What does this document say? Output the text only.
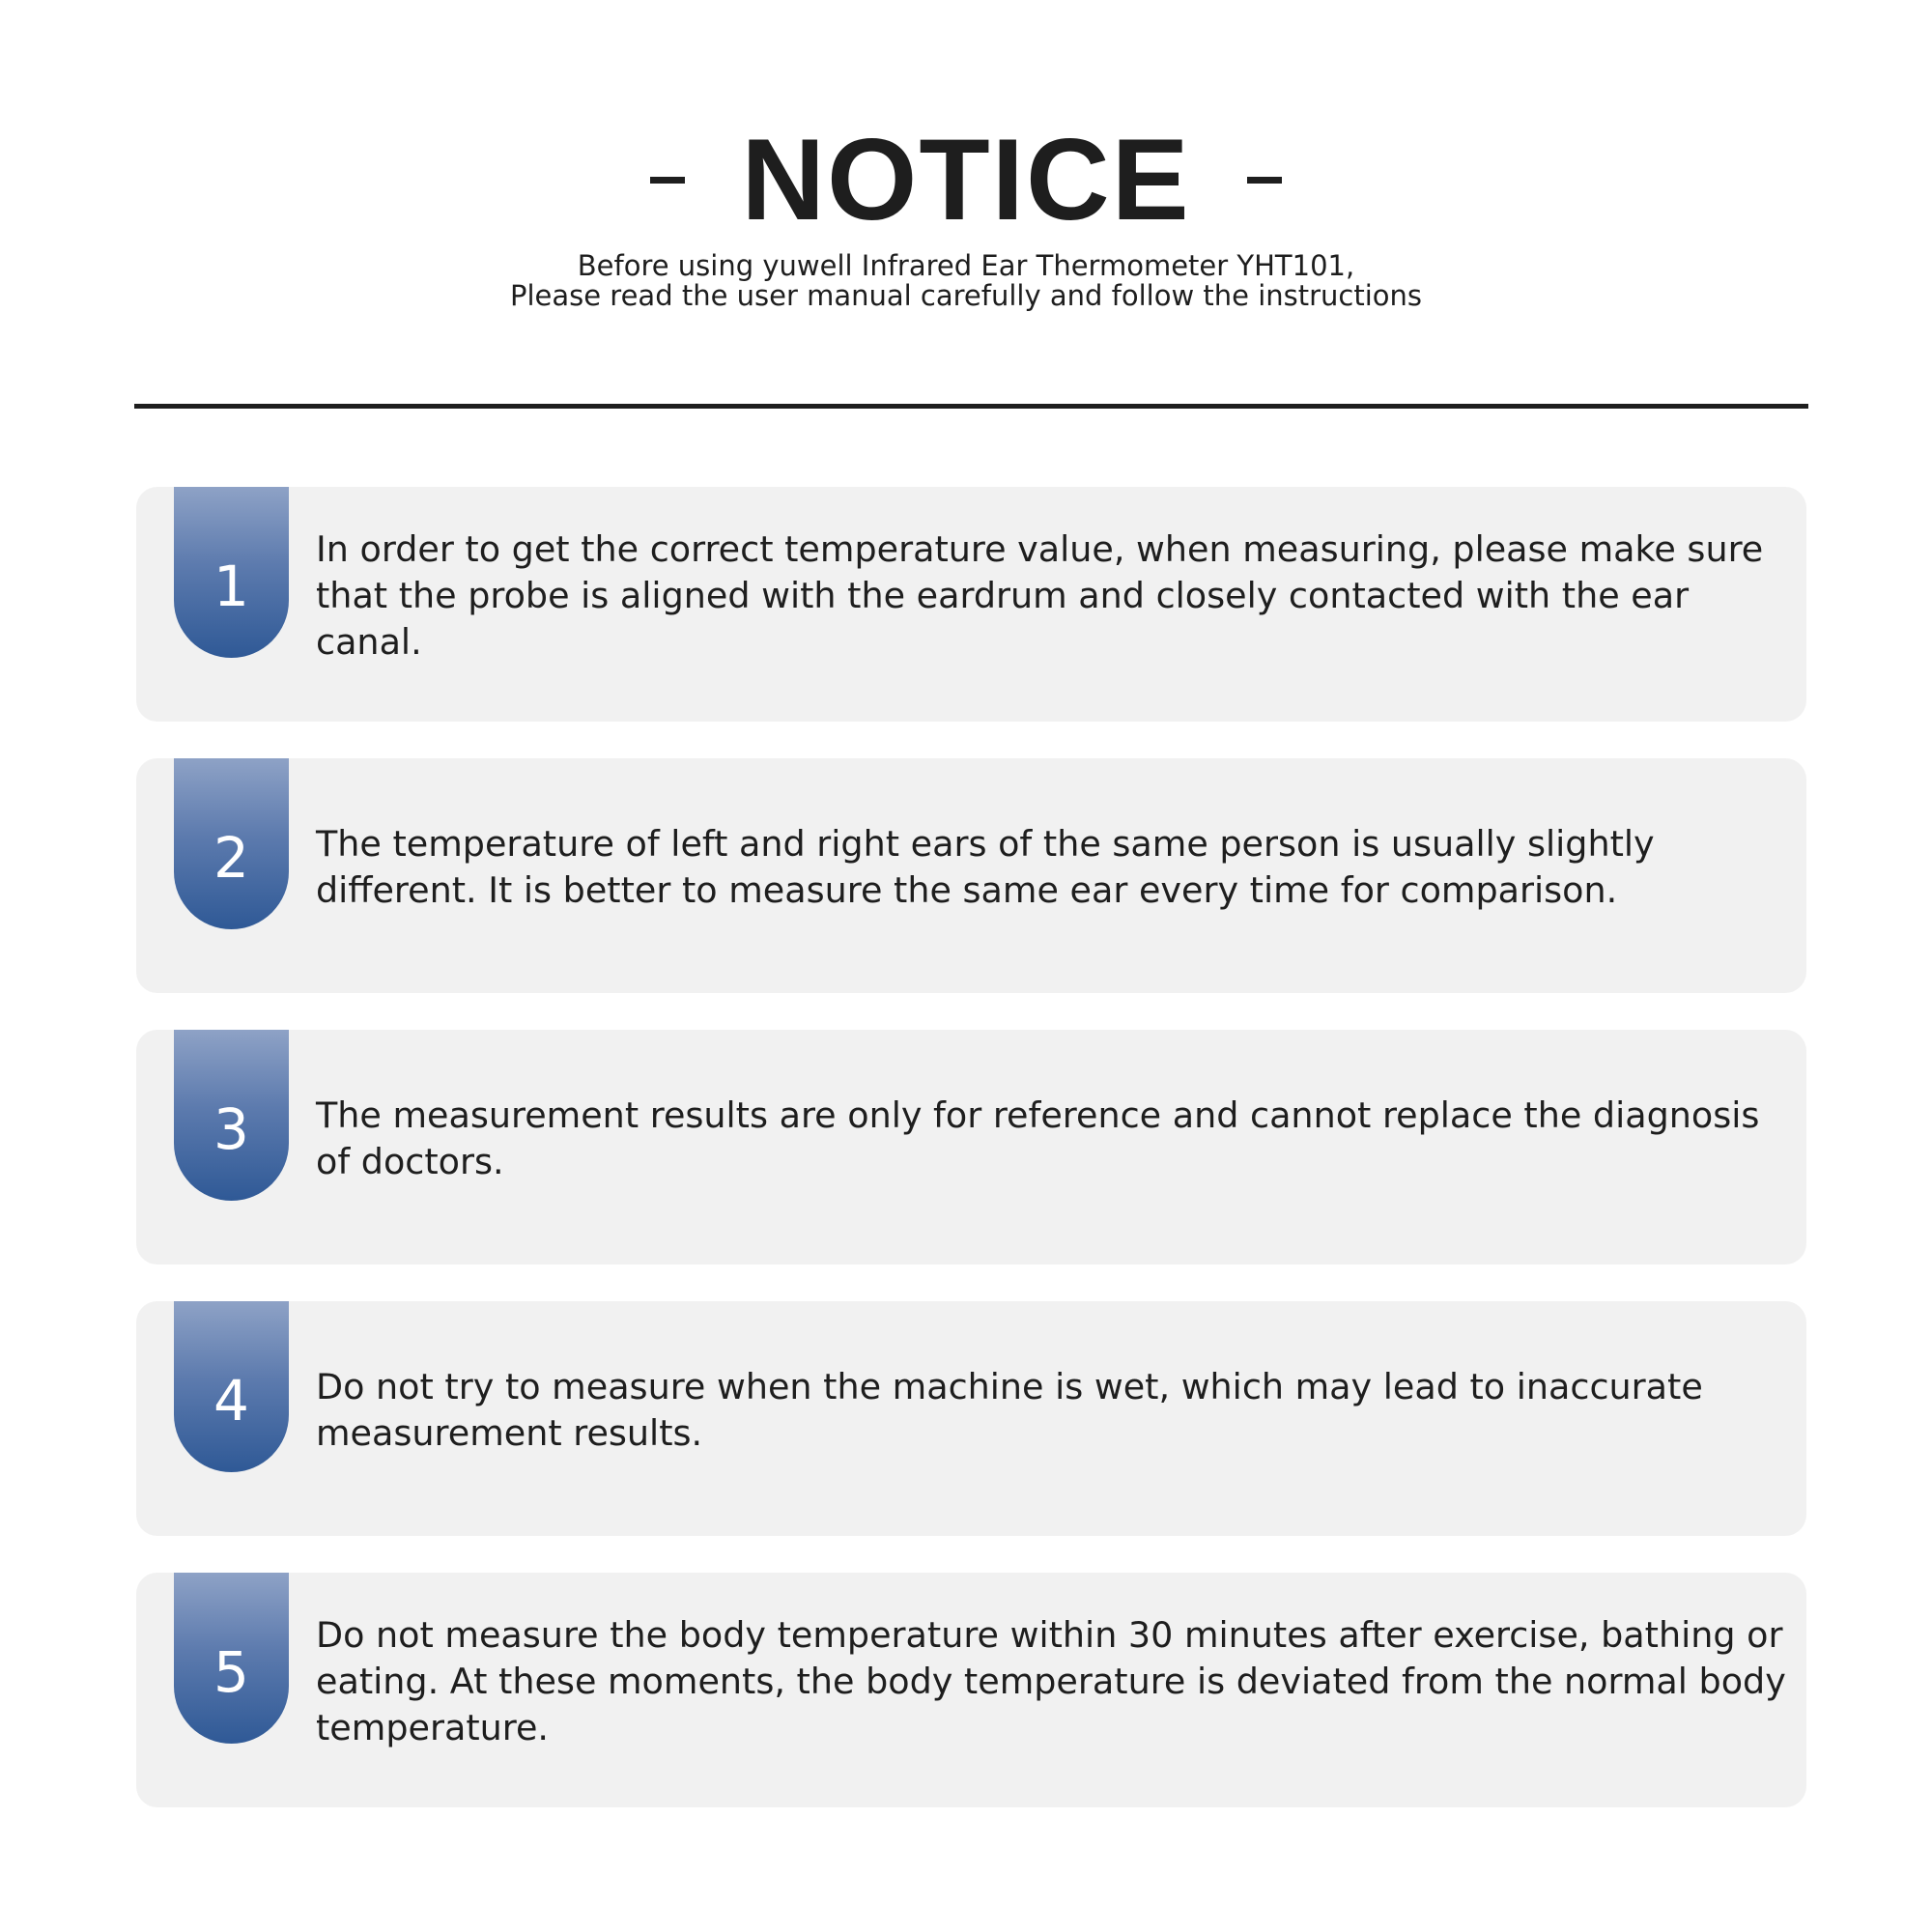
NOTICE
Before using yuwell Infrared Ear Thermometer YHT101,
Please read the user manual carefully and follow the instructions
1
In order to get the correct temperature value, when measuring, please make sure that the probe is aligned with the eardrum and closely contacted with the ear canal.
2 The temperature of left and right ears of the same person is usually slightly different. It is better to measure the same ear every time for comparison.
3 The measurement results are only for reference and cannot replace the diagnosis of doctors.
4 Do not try to measure when the machine is wet, which may lead to inaccurate measurement results.
5
Do not measure the body temperature within 30 minutes after exercise, bathing or eating. At these moments, the body temperature is deviated from the normal body temperature.
